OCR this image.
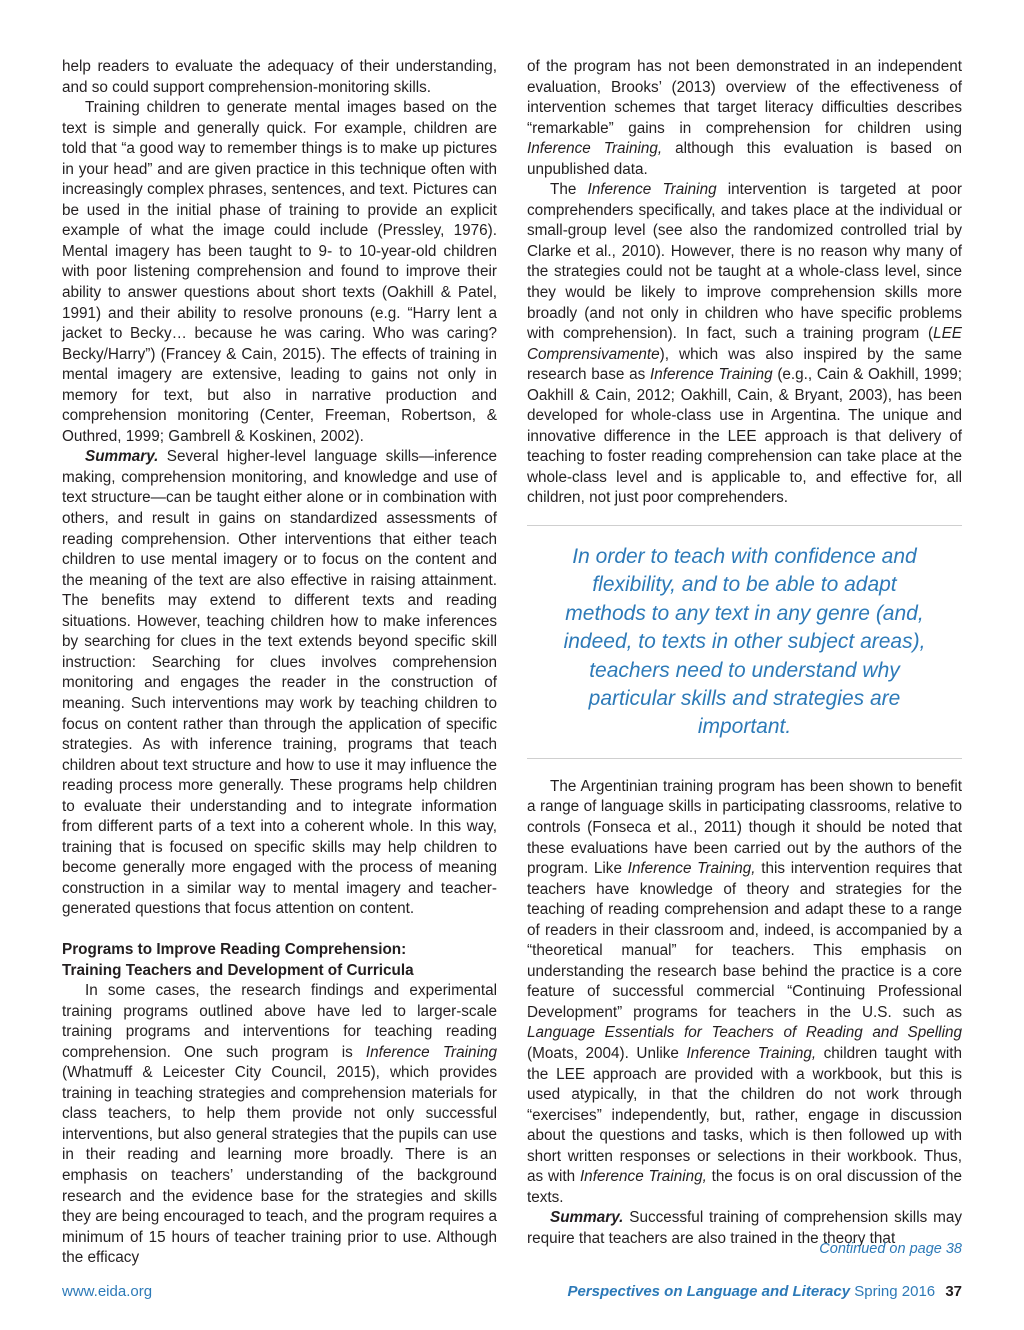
help readers to evaluate the adequacy of their understanding, and so could support comprehension-monitoring skills.

Training children to generate mental images based on the text is simple and generally quick. For example, children are told that “a good way to remember things is to make up pictures in your head” and are given practice in this technique often with increasingly complex phrases, sentences, and text. Pictures can be used in the initial phase of training to provide an explicit example of what the image could include (Pressley, 1976). Mental imagery has been taught to 9- to 10-year-old children with poor listening comprehension and found to improve their ability to answer questions about short texts (Oakhill & Patel, 1991) and their ability to resolve pronouns (e.g. “Harry lent a jacket to Becky… because he was caring. Who was caring? Becky/Harry”) (Francey & Cain, 2015). The effects of training in mental imagery are extensive, leading to gains not only in memory for text, but also in narrative production and comprehension monitoring (Center, Freeman, Robertson, & Outhred, 1999; Gambrell & Koskinen, 2002).

Summary. Several higher-level language skills—inference making, comprehension monitoring, and knowledge and use of text structure—can be taught either alone or in combination with others, and result in gains on standardized assessments of reading comprehension. Other interventions that either teach children to use mental imagery or to focus on the content and the meaning of the text are also effective in raising attainment. The benefits may extend to different texts and reading situations. However, teaching children how to make inferences by searching for clues in the text extends beyond specific skill instruction: Searching for clues involves comprehension monitoring and engages the reader in the construction of meaning. Such interventions may work by teaching children to focus on content rather than through the application of specific strategies. As with inference training, programs that teach children about text structure and how to use it may influence the reading process more generally. These programs help children to evaluate their understanding and to integrate information from different parts of a text into a coherent whole. In this way, training that is focused on specific skills may help children to become generally more engaged with the process of meaning construction in a similar way to mental imagery and teacher-generated questions that focus attention on content.

Programs to Improve Reading Comprehension:
Training Teachers and Development of Curricula

In some cases, the research findings and experimental training programs outlined above have led to larger-scale training programs and interventions for teaching reading comprehension. One such program is Inference Training (Whatmuff & Leicester City Council, 2015), which provides training in teaching strategies and comprehension materials for class teachers, to help them provide not only successful interventions, but also general strategies that the pupils can use in their reading and learning more broadly. There is an emphasis on teachers’ understanding of the background research and the evidence base for the strategies and skills they are being encouraged to teach, and the program requires a minimum of 15 hours of teacher training prior to use. Although the efficacy

of the program has not been demonstrated in an independent evaluation, Brooks’ (2013) overview of the effectiveness of intervention schemes that target literacy difficulties describes “remarkable” gains in comprehension for children using Inference Training, although this evaluation is based on unpublished data.

The Inference Training intervention is targeted at poor comprehenders specifically, and takes place at the individual or small-group level (see also the randomized controlled trial by Clarke et al., 2010). However, there is no reason why many of the strategies could not be taught at a whole-class level, since they would be likely to improve comprehension skills more broadly (and not only in children who have specific problems with comprehension). In fact, such a training program (LEE Comprensivamente), which was also inspired by the same research base as Inference Training (e.g., Cain & Oakhill, 1999; Oakhill & Cain, 2012; Oakhill, Cain, & Bryant, 2003), has been developed for whole-class use in Argentina. The unique and innovative difference in the LEE approach is that delivery of teaching to foster reading comprehension can take place at the whole-class level and is applicable to, and effective for, all children, not just poor comprehenders.

In order to teach with confidence and flexibility, and to be able to adapt methods to any text in any genre (and, indeed, to texts in other subject areas), teachers need to understand why particular skills and strategies are important.

The Argentinian training program has been shown to benefit a range of language skills in participating classrooms, relative to controls (Fonseca et al., 2011) though it should be noted that these evaluations have been carried out by the authors of the program. Like Inference Training, this intervention requires that teachers have knowledge of theory and strategies for the teaching of reading comprehension and adapt these to a range of readers in their classroom and, indeed, is accompanied by a “theoretical manual” for teachers. This emphasis on understanding the research base behind the practice is a core feature of successful commercial “Continuing Professional Development” programs for teachers in the U.S. such as Language Essentials for Teachers of Reading and Spelling (Moats, 2004). Unlike Inference Training, children taught with the LEE approach are provided with a workbook, but this is used atypically, in that the children do not work through “exercises” independently, but, rather, engage in discussion about the questions and tasks, which is then followed up with short written responses or selections in their workbook. Thus, as with Inference Training, the focus is on oral discussion of the texts.

Summary. Successful training of comprehension skills may require that teachers are also trained in the theory that

Continued on page 38
www.eida.org	Perspectives on Language and Literacy Spring 2016 37
